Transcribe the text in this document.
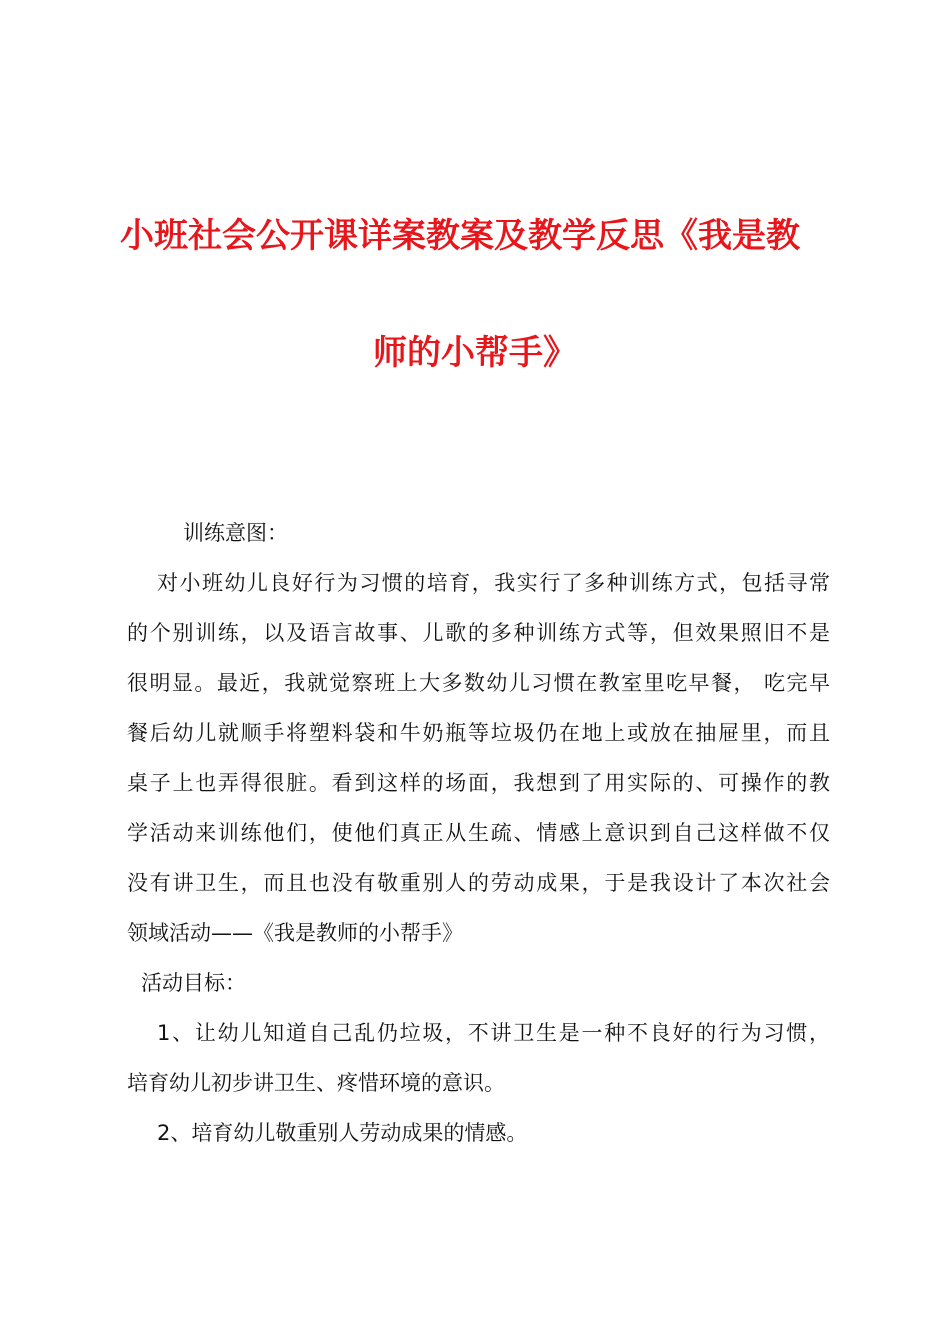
小班社会公开课详案教案及教学反思《我是教
师的小帮手》
训练意图：
对小班幼儿良好行为习惯的培育，我实行了多种训练方式，包括寻常
的个别训练，以及语言故事、儿歌的多种训练方式等，但效果照旧不是
很明显。最近，我就觉察班上大多数幼儿习惯在教室里吃早餐， 吃完早
餐后幼儿就顺手将塑料袋和牛奶瓶等垃圾仍在地上或放在抽屉里，而且
桌子上也弄得很脏。看到这样的场面，我想到了用实际的、可操作的教
学活动来训练他们，使他们真正从生疏、情感上意识到自己这样做不仅
没有讲卫生，而且也没有敬重别人的劳动成果，于是我设计了本次社会
领域活动——《我是教师的小帮手》
活动目标：
1、让幼儿知道自己乱仍垃圾，不讲卫生是一种不良好的行为习惯，
培育幼儿初步讲卫生、疼惜环境的意识。
2、培育幼儿敬重别人劳动成果的情感。
